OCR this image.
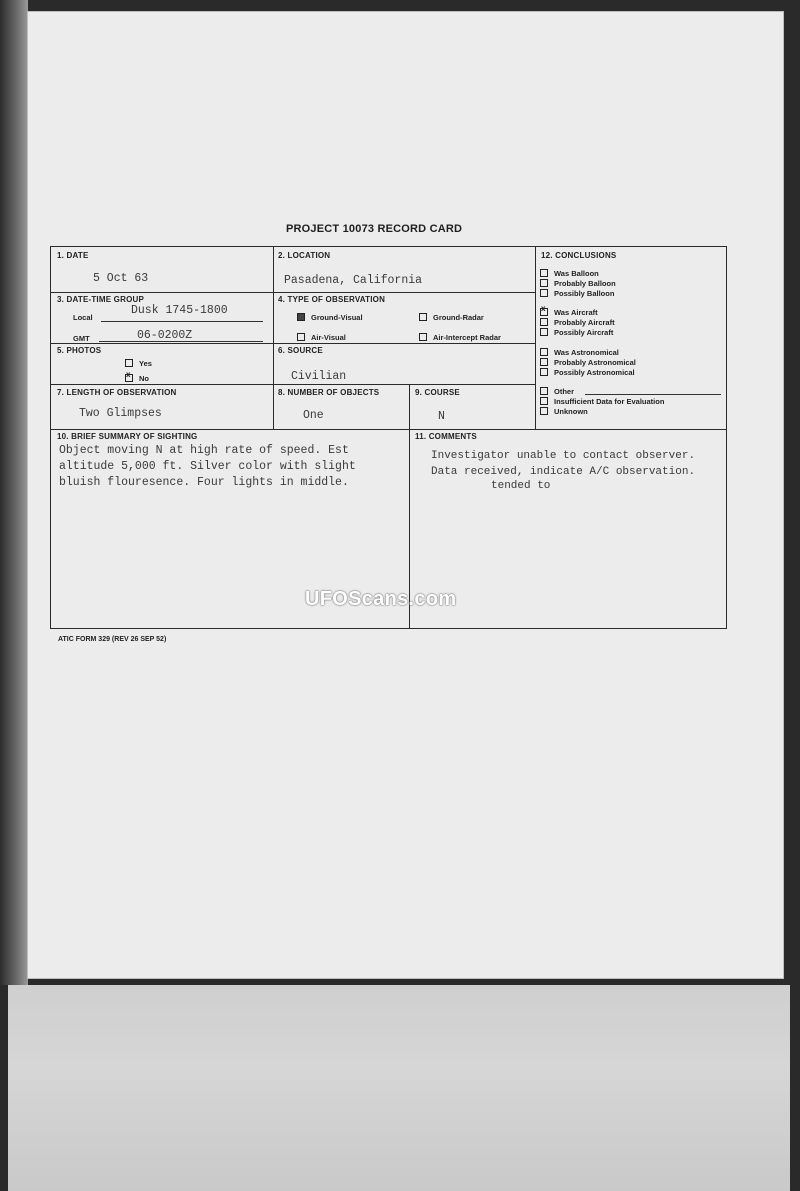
PROJECT 10073 RECORD CARD
1. DATE
5 Oct 63
2. LOCATION
Pasadena, California
3. DATE-TIME GROUP
Local
Dusk 1745-1800
GMT	06-0200Z
4. TYPE OF OBSERVATION
Ground-Visual	Ground-Radar
Air-Visual	Air-Intercept Radar
5. PHOTOS
Yes
xNo
6. SOURCE
Civilian
7. LENGTH OF OBSERVATION
Two Glimpses
8. NUMBER OF OBJECTS
One
9. COURSE
N
10. BRIEF SUMMARY OF SIGHTING
Object moving N at high rate of speed. Est
altitude 5,000 ft. Silver color with slight
bluish flouresence. Four lights in middle.
11. COMMENTS
Investigator unable to contact observer.
Data received, indicate A/C observation.
tended to
12. CONCLUSIONS
Was Balloon
Probably Balloon
Possibly Balloon
xWas Aircraft
Probably Aircraft
Possibly Aircraft
Was Astronomical
Probably Astronomical
Possibly Astronomical
Other
Insufficient Data for Evaluation
Unknown
ATIC FORM 329 (REV 26 SEP 52)
UFOScans.com
